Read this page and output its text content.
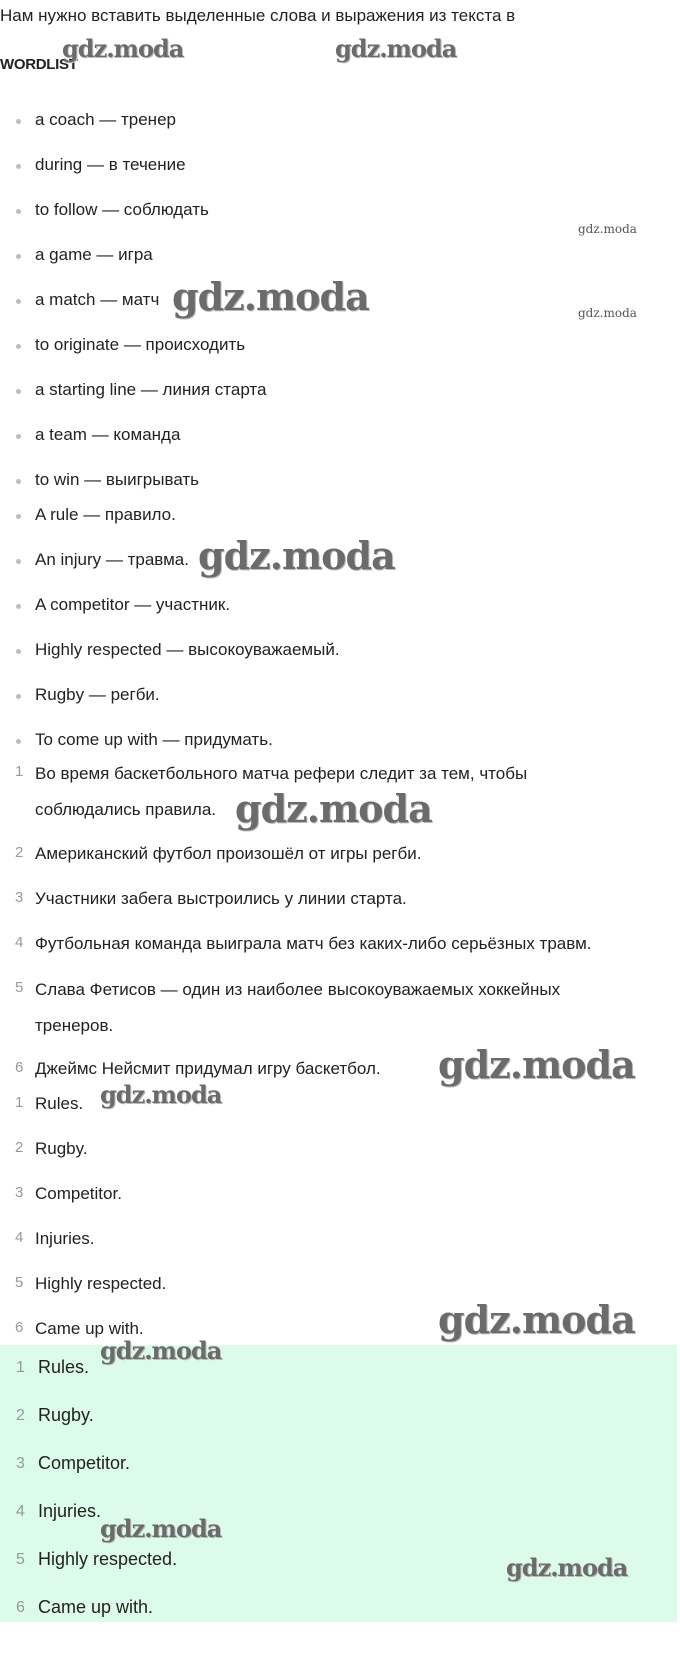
Нам нужно вставить выделенные слова и выражения из текста в
WORDLIST
a coach — тренер
during — в течение
to follow — соблюдать
a game — игра
a match — матч
to originate — происходить
a starting line — линия старта
a team — команда
to win — выигрывать
A rule — правило.
An injury — травма.
A competitor — участник.
Highly respected — высокоуважаемый.
Rugby — регби.
To come up with — придумать.
1 Во время баскетбольного матча рефери следит за тем, чтобы соблюдались правила.
2 Американский футбол произошёл от игры регби.
3 Участники забега выстроились у линии старта.
4 Футбольная команда выиграла матч без каких-либо серьёзных травм.
5 Слава Фетисов — один из наиболее высокоуважаемых хоккейных тренеров.
6 Джеймс Нейсмит придумал игру баскетбол.
1 Rules.
2 Rugby.
3 Competitor.
4 Injuries.
5 Highly respected.
6 Came up with.
1 Rules.
2 Rugby.
3 Competitor.
4 Injuries.
5 Highly respected.
6 Came up with.
gdz.moda	gdz.moda
gdz.moda
gdz.moda	gdz.moda
gdz.moda
gdz.moda
gdz.moda
gdz.moda
gdz.moda
gdz.moda
gdz.moda
gdz.moda
